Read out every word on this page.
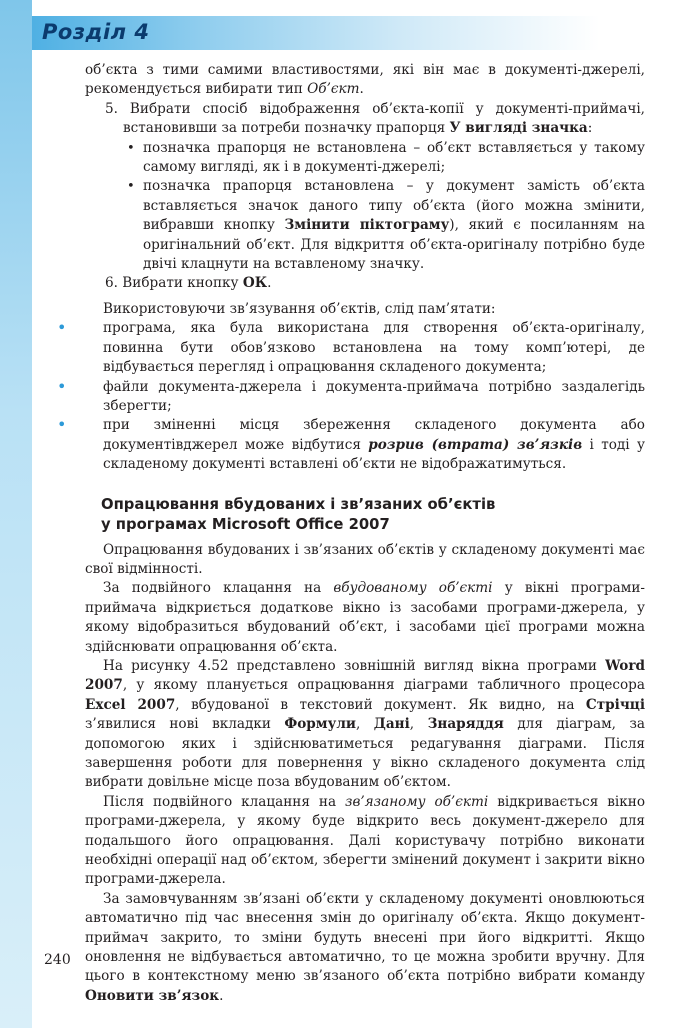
Розділ 4

об’єкта з тими самими властивостями, які він має в документі-джерелі, рекомендується вибирати тип Об’єкт.

5. Вибрати спосіб відображення об’єкта-копії у документі-приймачі, встановивши за потреби позначку прапорця У вигляді значка:

• позначка прапорця не встановлена – об’єкт вставляється у такому самому вигляді, як і в документі-джерелі;

• позначка прапорця встановлена – у документ замість об’єкта вставляється значок даного типу об’єкта (його можна змінити, вибравши кнопку Змінити піктограму), який є посиланням на оригінальний об’єкт. Для відкриття об’єкта-оригіналу потрібно буде двічі клацнути на вставленому значку.

6. Вибрати кнопку ОК.

Використовуючи зв’язування об’єктів, слід пам’ятати:

•	програма, яка була використана для створення об’єкта-оригіналу, повинна бути обов’язково встановлена на тому комп’ютері, де відбувається перегляд і опрацювання складеного документа;

•	файли документа-джерела і документа-приймача потрібно заздалегідь зберегти;

•	при зміненні місця збереження складеного документа або документівджерел може відбутися розрив (втрата) зв’язків і тоді у складеному документі вставлені об’єкти не відображатимуться.

Опрацювання вбудованих і зв’язаних об’єктів
у програмах Microsoft Office 2007

Опрацювання вбудованих і зв’язаних об’єктів у складеному документі має свої відмінності.

За подвійного клацання на вбудованому об’єкті у вікні програми-приймача відкриється додаткове вікно із засобами програми-джерела, у якому відобразиться вбудований об’єкт, і засобами цієї програми можна здійснювати опрацювання об’єкта.

На рисунку 4.52 представлено зовнішній вигляд вікна програми Word 2007, у якому планується опрацювання діаграми табличного процесора Excel 2007, вбудованої в текстовий документ. Як видно, на Стрічці з’явилися нові вкладки Формули, Дані, Знаряддя для діаграм, за допомогою яких і здійснюватиметься редагування діаграми. Після завершення роботи для повернення у вікно складеного документа слід вибрати довільне місце поза вбудованим об’єктом.

Після подвійного клацання на зв’язаному об’єкті відкривається вікно програми-джерела, у якому буде відкрито весь документ-джерело для подальшого його опрацювання. Далі користувачу потрібно виконати необхідні операції над об’єктом, зберегти змінений документ і закрити вікно програми-джерела.

За замовчуванням зв’язані об’єкти у складеному документі оновлюються автоматично під час внесення змін до оригіналу об’єкта. Якщо документ-приймач закрито, то зміни будуть внесені при його відкритті. Якщо оновлення не відбувається автоматично, то це можна зробити вручну. Для цього в контекстному меню зв’язаного об’єкта потрібно вибрати команду Оновити зв’язок.

240
